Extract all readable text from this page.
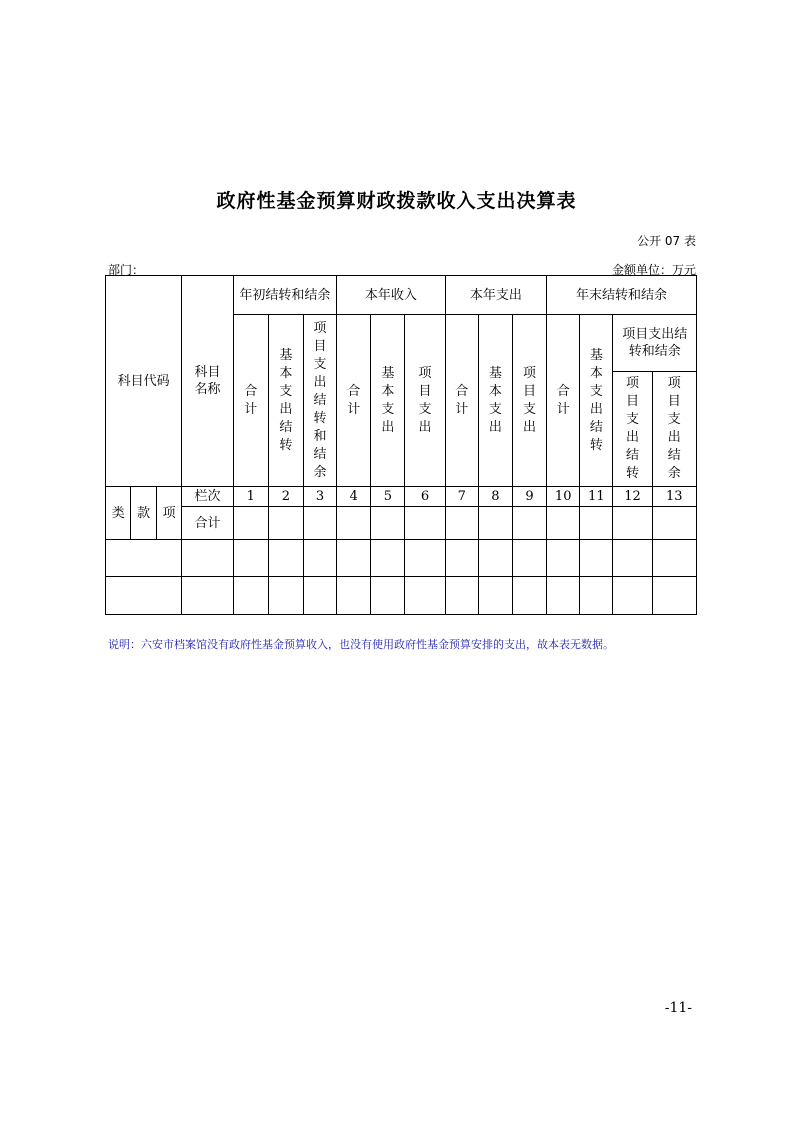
政府性基金预算财政拨款收入支出决算表
公开 07 表
部门：	金额单位：万元
科目代码	科目名称	年初结转和结余			本年收入			本年支出			年末结转和结余			
		合计	基本支出结转	项目支出结转和结余	合计	基本支出	项目支出	合计	基本支出	项目支出	合计	基本支出结转	项目支出结转和结余	
													项目支出结转	项目支出结余

类 款 项	栏次	1	2	3	4	5	6	7	8	9	10	11	12	13
	合计													

说明：六安市档案馆没有政府性基金预算收入，也没有使用政府性基金预算安排的支出，故本表无数据。
-11-
